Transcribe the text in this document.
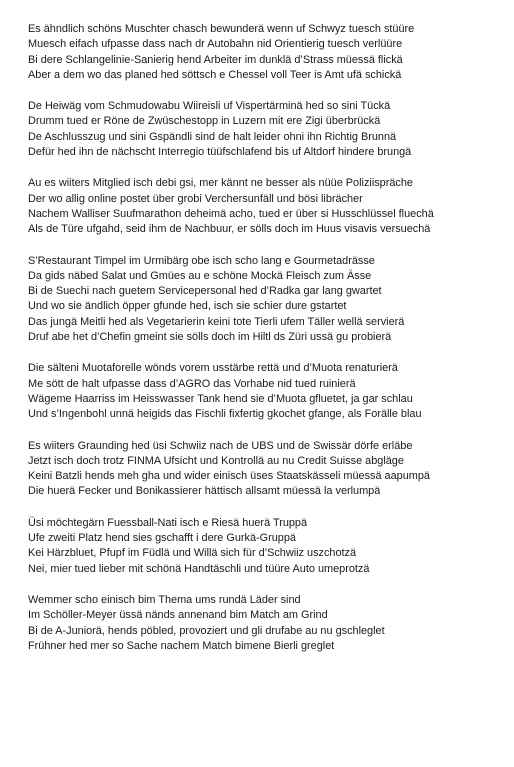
Es ähndlich schöns Muschter chasch bewunderä wenn uf Schwyz tuesch stüüre
Muesch eifach ufpasse dass nach dr Autobahn nid Orientierig tuesch verlüüre
Bi dere Schlangelinie-Sanierig hend Arbeiter im dunklä d’Strass müessä flickä
Aber a dem wo das planed hed söttsch e Chessel voll Teer is Amt ufä schickä
De Heiwäg vom Schmudowabu Wiireisli uf Vispertärminä hed so sini Tückä
Drumm tued er Röne de Zwüschestopp in Luzern mit ere Zigi überbrückä
De Aschlusszug und sini Gspändli sind de halt leider ohni ihn Richtig Brunnä
Defür hed ihn de nächscht Interregio tüüfschlafend bis uf Altdorf hindere brungä
Au es wiiters Mitglied isch debi gsi, mer kännt ne besser als nüüe Poliziispräche
Der wo allig online postet über grobi Verchersunfäll und bösi librächer
Nachem Walliser Suufmarathon deheimä acho, tued er über si Husschlüssel fluechä
Als de Türe ufgahd, seid ihm de Nachbuur, er sölls doch im Huus visavis versuechä
S’Restaurant Timpel im Urmibärg obe isch scho lang e Gourmetadrässe
Da gids näbed Salat und Gmües au e schöne Mockä Fleisch zum Ässe
Bi de Suechi nach guetem Servicepersonal hed d’Radka gar lang gwartet
Und wo sie ändlich öpper gfunde hed, isch sie schier dure gstartet
Das jungä Meitli hed als Vegetarierin keini tote Tierli ufem Täller wellä servierä
Druf abe het d’Chefin gmeint sie sölls doch im Hiltl ds Züri ussä gu probierä
Die sälteni Muotaforelle wönds vorem usstärbe rettä und d’Muota renaturierä
Me sött de halt ufpasse dass d’AGRO das Vorhabe nid tued ruinierä
Wägeme Haarriss im Heisswasser Tank hend sie d’Muota gfluetet, ja gar schlau
Und s’Ingenbohl unnä heigids das Fischli fixfertig gkochet gfange, als Forälle blau
Es wiiters Graunding hed üsi Schwiiz nach de UBS und de Swissär dörfe erläbe
Jetzt isch doch trotz FINMA Ufsicht und Kontrollä au nu Credit Suisse abgläge
Keini Batzli hends meh gha und wider einisch üses Staatskässeli müessä aapumpä
Die huerä Fecker und Bonikassierer hättisch allsamt müessä la verlumpä
Üsi möchtegärn Fuessball-Nati isch e Riesä huerä Truppä
Ufe zweiti Platz hend sies gschafft i dere Gurkä-Gruppä
Kei Härzbluet, Pfupf im Füdlä und Willä sich für d’Schwiiz uszchotzä
Nei, mier tued lieber mit schönä Handtäschli und tüüre Auto umeprotzä
Wemmer scho einisch bim Thema ums rundä Läder sind
Im Schöller-Meyer üssä nänds annenand bim Match am Grind
Bi de A-Juniorä, hends pöbled, provoziert und gli drufabe au nu gschleglet
Frühner hed mer so Sache nachem Match bimene Bierli greglet
